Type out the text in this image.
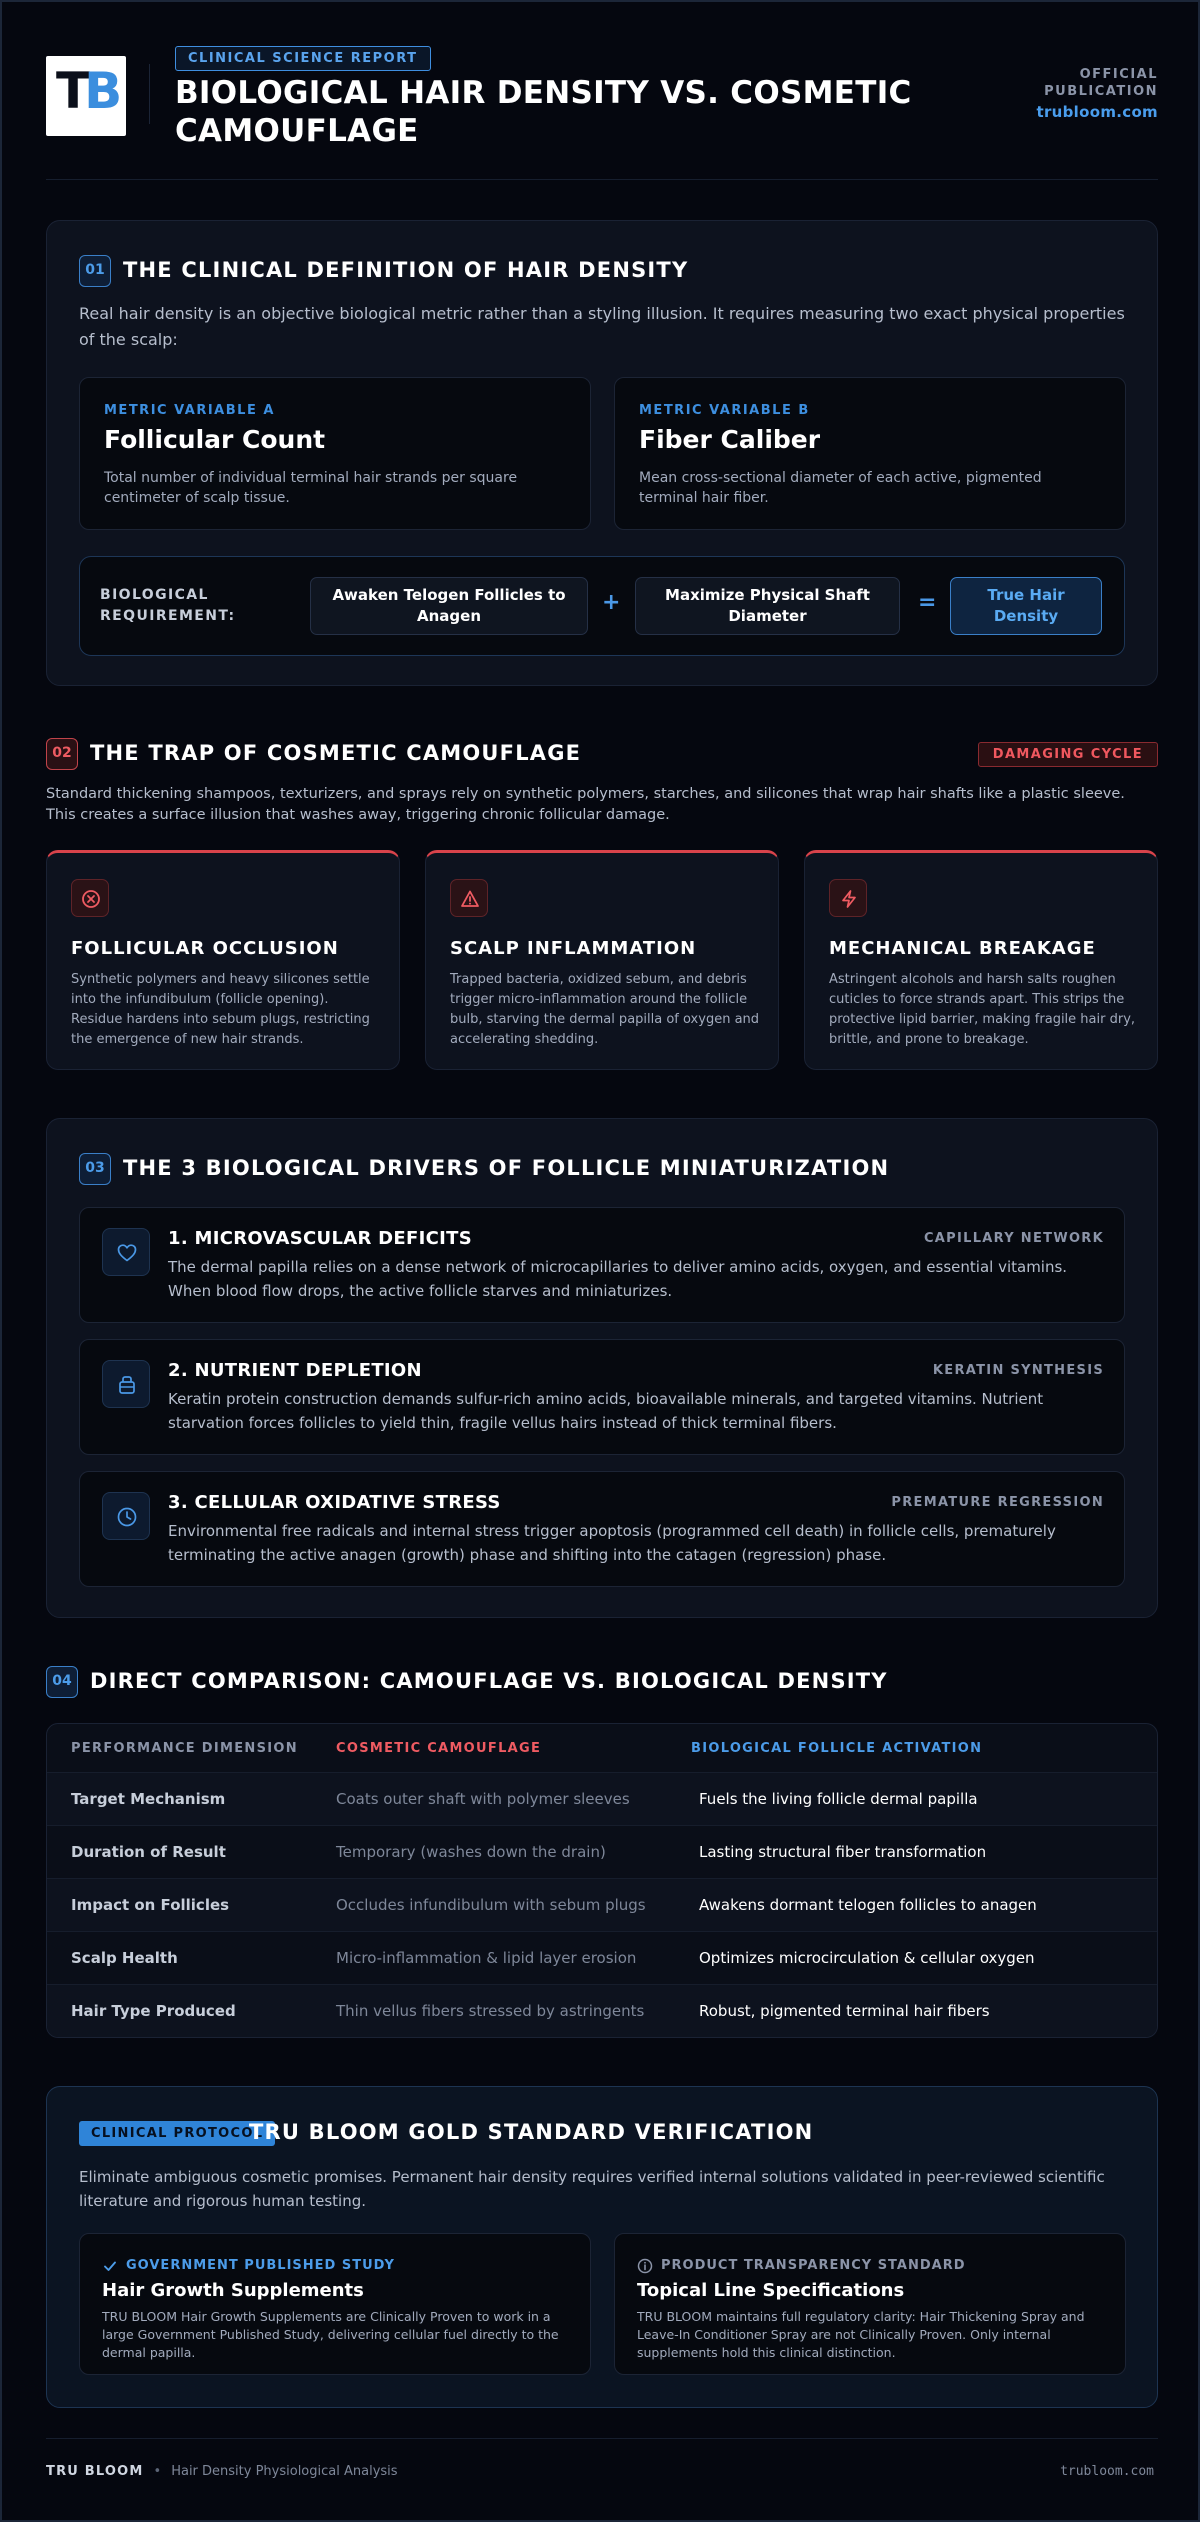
TB
CLINICAL SCIENCE REPORT
BIOLOGICAL HAIR DENSITY VS. COSMETIC CAMOUFLAGE
OFFICIAL
PUBLICATION
trubloom.com
01 THE CLINICAL DEFINITION OF HAIR DENSITY
Real hair density is an objective biological metric rather than a styling illusion. It requires measuring two exact physical properties of the scalp:
METRIC VARIABLE A
Follicular Count
Total number of individual terminal hair strands per square centimeter of scalp tissue.
METRIC VARIABLE B
Fiber Caliber
Mean cross-sectional diameter of each active, pigmented terminal hair fiber.
BIOLOGICAL REQUIREMENT:
Awaken Telogen Follicles to Anagen
+	Maximize Physical Shaft Diameter
=	True Hair Density
02 THE TRAP OF COSMETIC CAMOUFLAGE	DAMAGING CYCLE
Standard thickening shampoos, texturizers, and sprays rely on synthetic polymers, starches, and silicones that wrap hair shafts like a plastic sleeve. This creates a surface illusion that washes away, triggering chronic follicular damage.
FOLLICULAR OCCLUSION
Synthetic polymers and heavy silicones settle into the infundibulum (follicle opening). Residue hardens into sebum plugs, restricting the emergence of new hair strands.
SCALP INFLAMMATION
Trapped bacteria, oxidized sebum, and debris trigger micro-inflammation around the follicle bulb, starving the dermal papilla of oxygen and accelerating shedding.
MECHANICAL BREAKAGE
Astringent alcohols and harsh salts roughen cuticles to force strands apart. This strips the protective lipid barrier, making fragile hair dry, brittle, and prone to breakage.
03 THE 3 BIOLOGICAL DRIVERS OF FOLLICLE MINIATURIZATION
1. MICROVASCULAR DEFICITS	CAPILLARY NETWORK
The dermal papilla relies on a dense network of microcapillaries to deliver amino acids, oxygen, and essential vitamins. When blood flow drops, the active follicle starves and miniaturizes.
2. NUTRIENT DEPLETION	KERATIN SYNTHESIS
Keratin protein construction demands sulfur-rich amino acids, bioavailable minerals, and targeted vitamins. Nutrient starvation forces follicles to yield thin, fragile vellus hairs instead of thick terminal fibers.
3. CELLULAR OXIDATIVE STRESS	PREMATURE REGRESSION
Environmental free radicals and internal stress trigger apoptosis (programmed cell death) in follicle cells, prematurely terminating the active anagen (growth) phase and shifting into the catagen (regression) phase.
04 DIRECT COMPARISON: CAMOUFLAGE VS. BIOLOGICAL DENSITY
PERFORMANCE DIMENSION	COSMETIC CAMOUFLAGE	BIOLOGICAL FOLLICLE ACTIVATION
Target Mechanism	Coats outer shaft with polymer sleeves	Fuels the living follicle dermal papilla
Duration of Result	Temporary (washes down the drain)	Lasting structural fiber transformation
Impact on Follicles	Occludes infundibulum with sebum plugs	Awakens dormant telogen follicles to anagen
Scalp Health	Micro-inflammation & lipid layer erosion	Optimizes microcirculation & cellular oxygen
Hair Type Produced	Thin vellus fibers stressed by astringents	Robust, pigmented terminal hair fibers
CLINICAL PROTOCOL
TRU BLOOM GOLD STANDARD VERIFICATION
Eliminate ambiguous cosmetic promises. Permanent hair density requires verified internal solutions validated in peer-reviewed scientific literature and rigorous human testing.
GOVERNMENT PUBLISHED STUDY
Hair Growth Supplements
TRU BLOOM Hair Growth Supplements are Clinically Proven to work in a large Government Published Study, delivering cellular fuel directly to the dermal papilla.
PRODUCT TRANSPARENCY STANDARD
Topical Line Specifications
TRU BLOOM maintains full regulatory clarity: Hair Thickening Spray and Leave-In Conditioner Spray are not Clinically Proven. Only internal supplements hold this clinical distinction.
TRU BLOOM • Hair Density Physiological Analysis	trubloom.com
